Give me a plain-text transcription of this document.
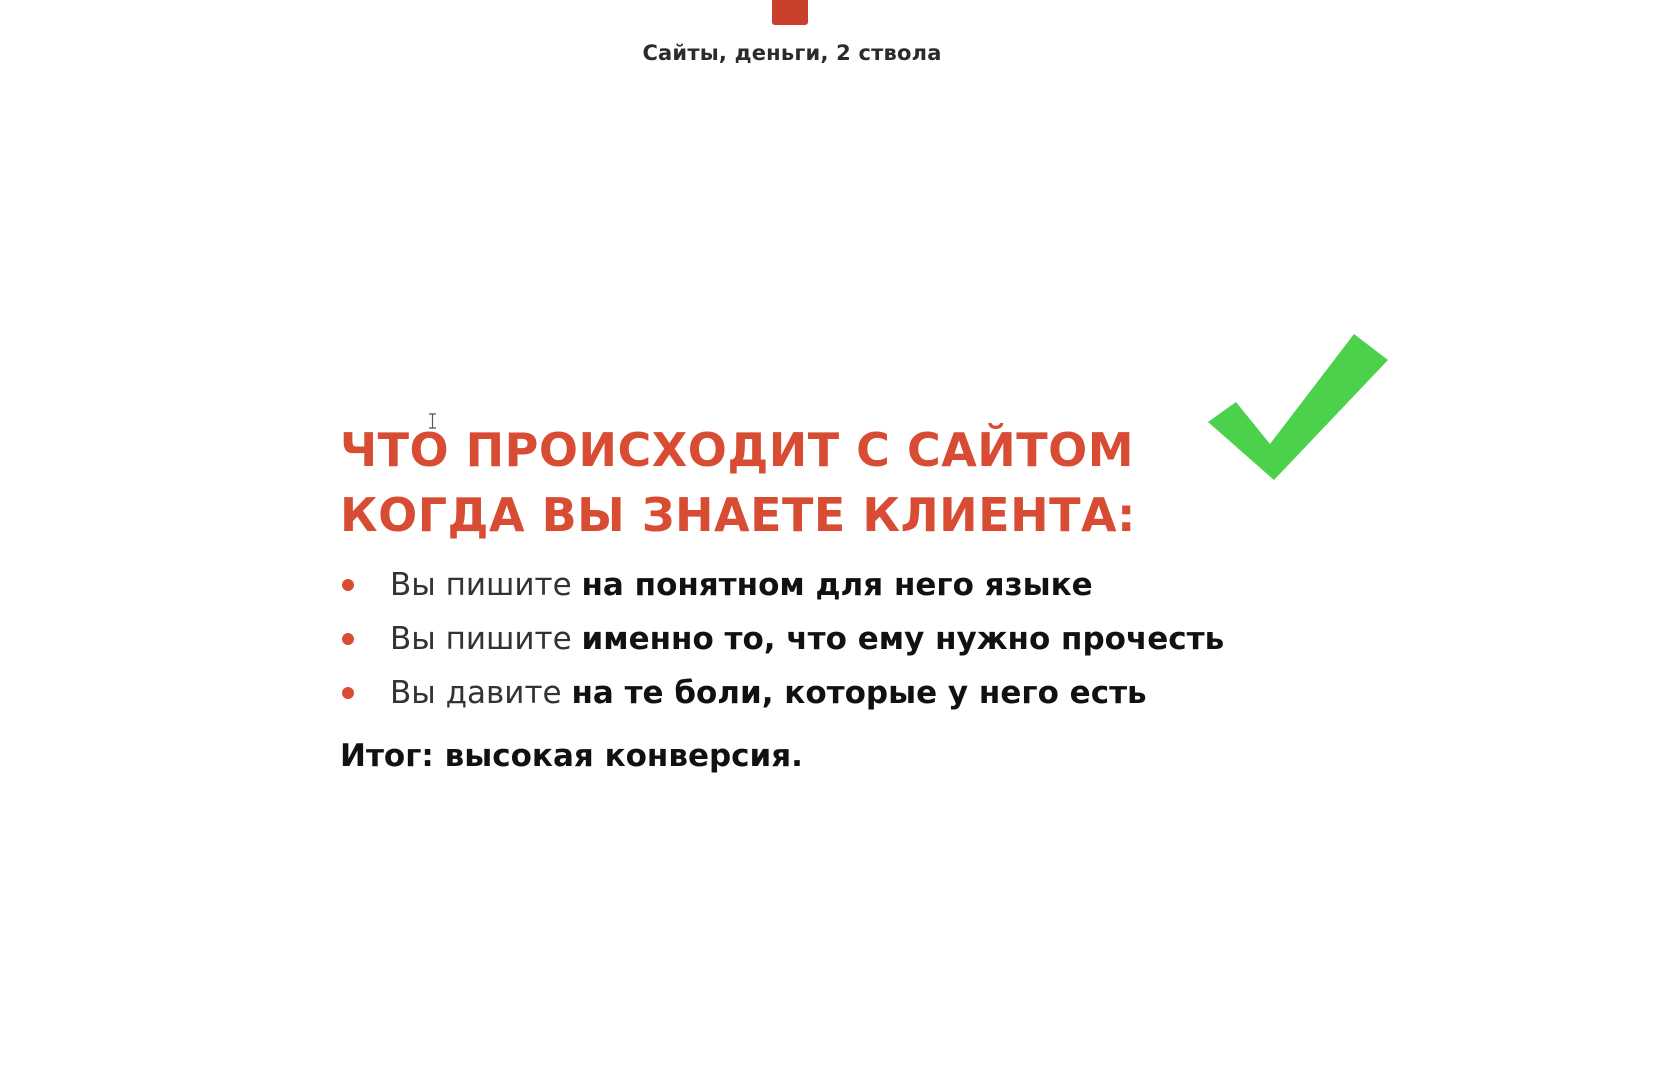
Сайты, деньги, 2 ствола
ЧТО ПРОИСХОДИТ С САЙТОМ
КОГДА ВЫ ЗНАЕТЕ КЛИЕНТА:
Вы пишите на понятном для него языке
Вы пишите именно то, что ему нужно прочесть
Вы давите на те боли, которые у него есть

Итог: высокая конверсия.
